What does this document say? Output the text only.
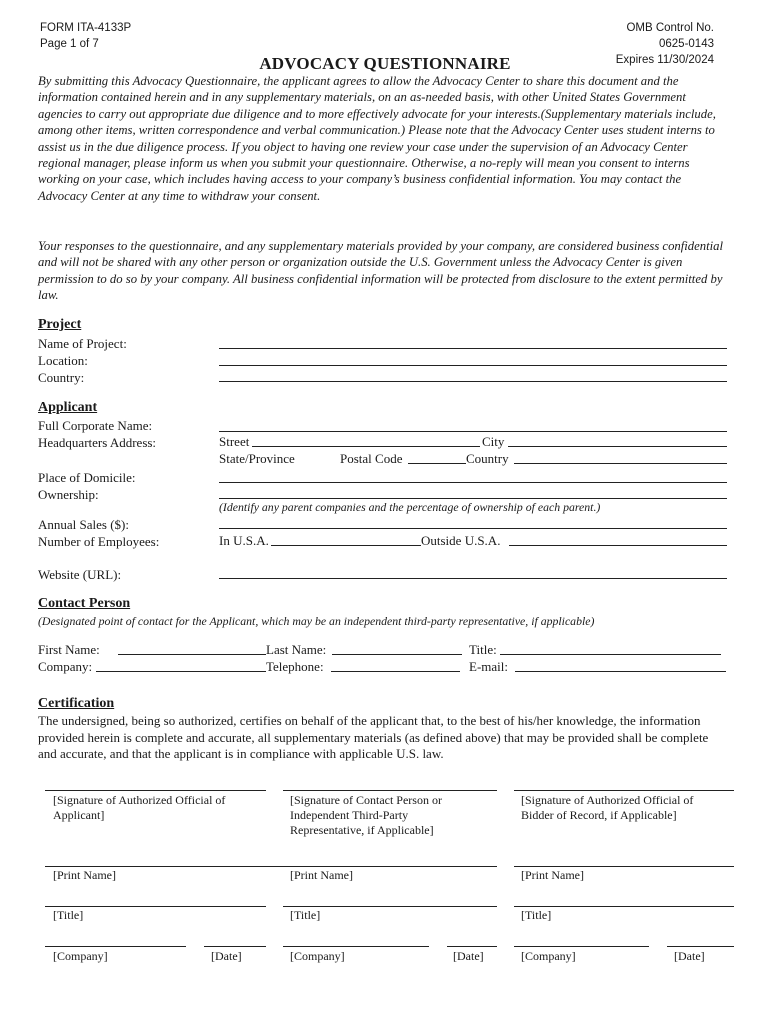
FORM ITA-4133P
Page 1 of 7
OMB Control No.
0625-0143
Expires 11/30/2024
ADVOCACY QUESTIONNAIRE
By submitting this Advocacy Questionnaire, the applicant agrees to allow the Advocacy Center to share this document and the information contained herein and in any supplementary materials, on an as-needed basis, with other United States Government agencies to carry out appropriate due diligence and to more effectively advocate for your interests.(Supplementary materials include, among other items, written correspondence and verbal communication.) Please note that the Advocacy Center uses student interns to assist us in the due diligence process. If you object to having one review your case under the supervision of an Advocacy Center regional manager, please inform us when you submit your questionnaire. Otherwise, a no-reply will mean you consent to interns working on your case, which includes having access to your company’s business confidential information. You may contact the Advocacy Center at any time to withdraw your consent.
Your responses to the questionnaire, and any supplementary materials provided by your company, are considered business confidential and will not be shared with any other person or organization outside the U.S. Government unless the Advocacy Center is given permission to do so by your company. All business confidential information will be protected from disclosure to the extent permitted by law.
Project
Name of Project:
Location:
Country:
Applicant
Full Corporate Name:
Headquarters Address:	Street	City
State/Province	Postal Code	Country
Place of Domicile:
Ownership:
(Identify any parent companies and the percentage of ownership of each parent.)
Annual Sales ($):
Number of Employees:	In U.S.A.	Outside U.S.A.
Website (URL):
Contact Person
(Designated point of contact for the Applicant, which may be an independent third-party representative, if applicable)
First Name:	Last Name:	Title:
Company:	Telephone:	E-mail:
Certification
The undersigned, being so authorized, certifies on behalf of the applicant that, to the best of his/her knowledge, the information provided herein is complete and accurate, all supplementary materials (as defined above) that may be provided shall be complete and accurate, and that the applicant is in compliance with applicable U.S. law.
[Signature of Authorized Official of Applicant]
[Print Name]
[Title]
[Company]	[Date]
[Signature of Contact Person or Independent Third-Party Representative, if Applicable]
[Print Name]
[Title]
[Company]	[Date]
[Signature of Authorized Official of Bidder of Record, if Applicable]
[Print Name]
[Title]
[Company]	[Date]
